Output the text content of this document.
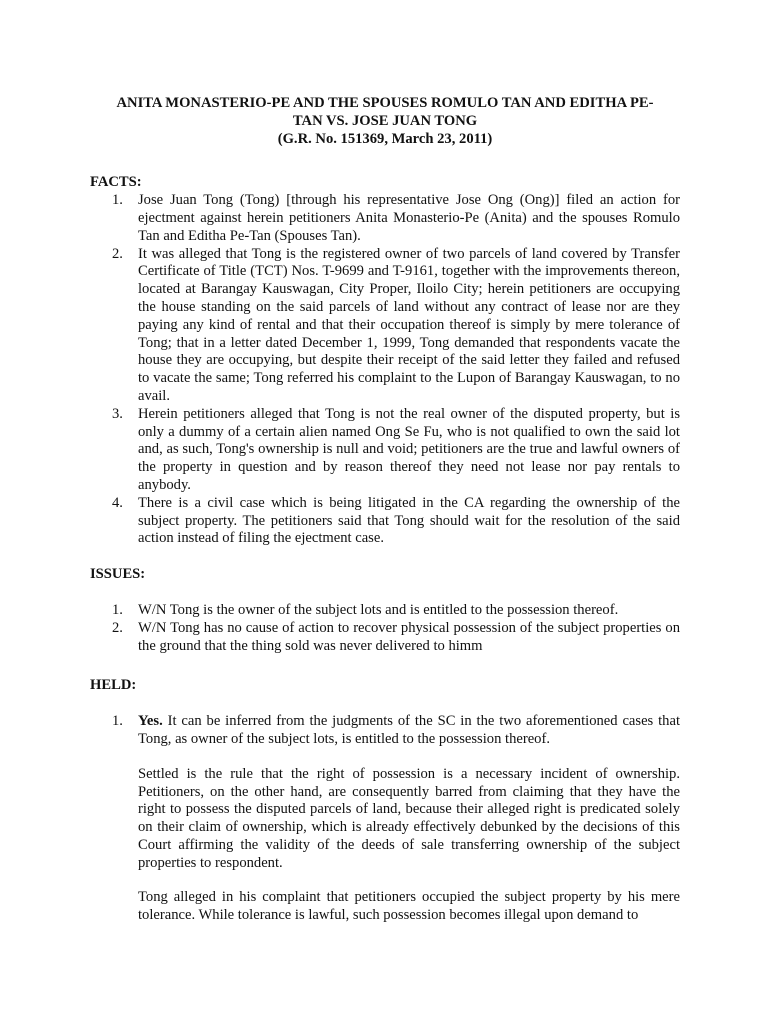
ANITA MONASTERIO-PE AND THE SPOUSES ROMULO TAN AND EDITHA PE-
TAN VS. JOSE JUAN TONG
(G.R. No. 151369, March 23, 2011)
FACTS:
1. Jose Juan Tong (Tong) [through his representative Jose Ong (Ong)] filed an action for ejectment against herein petitioners Anita Monasterio-Pe (Anita) and the spouses Romulo Tan and Editha Pe-Tan (Spouses Tan).
2. It was alleged that Tong is the registered owner of two parcels of land covered by Transfer Certificate of Title (TCT) Nos. T-9699 and T-9161, together with the improvements thereon, located at Barangay Kauswagan, City Proper, Iloilo City; herein petitioners are occupying the house standing on the said parcels of land without any contract of lease nor are they paying any kind of rental and that their occupation thereof is simply by mere tolerance of Tong; that in a letter dated December 1, 1999, Tong demanded that respondents vacate the house they are occupying, but despite their receipt of the said letter they failed and refused to vacate the same; Tong referred his complaint to the Lupon of Barangay Kauswagan, to no avail.
3. Herein petitioners alleged that Tong is not the real owner of the disputed property, but is only a dummy of a certain alien named Ong Se Fu, who is not qualified to own the said lot and, as such, Tong's ownership is null and void; petitioners are the true and lawful owners of the property in question and by reason thereof they need not lease nor pay rentals to anybody.
4. There is a civil case which is being litigated in the CA regarding the ownership of the subject property. The petitioners said that Tong should wait for the resolution of the said action instead of filing the ejectment case.
ISSUES:
1. W/N Tong is the owner of the subject lots and is entitled to the possession thereof.
2. W/N Tong has no cause of action to recover physical possession of the subject properties on the ground that the thing sold was never delivered to himm
HELD:
1. Yes. It can be inferred from the judgments of the SC in the two aforementioned cases that Tong, as owner of the subject lots, is entitled to the possession thereof.

Settled is the rule that the right of possession is a necessary incident of ownership. Petitioners, on the other hand, are consequently barred from claiming that they have the right to possess the disputed parcels of land, because their alleged right is predicated solely on their claim of ownership, which is already effectively debunked by the decisions of this Court affirming the validity of the deeds of sale transferring ownership of the subject properties to respondent.

Tong alleged in his complaint that petitioners occupied the subject property by his mere tolerance. While tolerance is lawful, such possession becomes illegal upon demand to
